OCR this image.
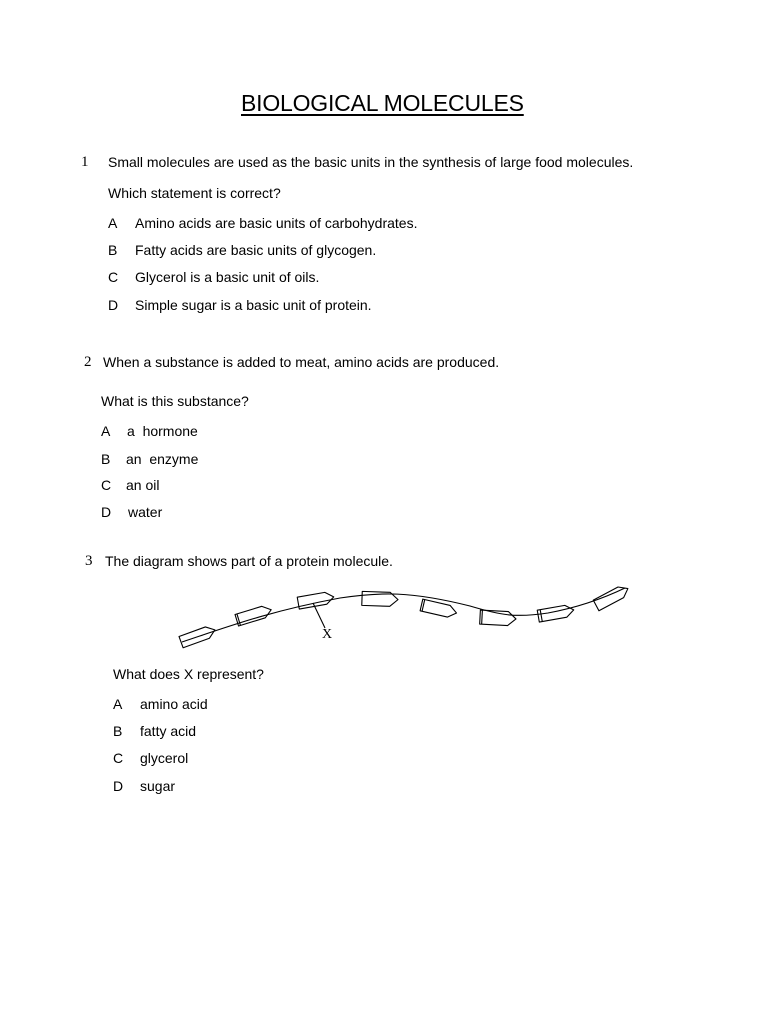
BIOLOGICAL MOLECULES
1 Small molecules are used as the basic units in the synthesis of large food molecules.
Which statement is correct?
A Amino acids are basic units of carbohydrates.
B Fatty acids are basic units of glycogen.
C Glycerol is a basic unit of oils.
D Simple sugar is a basic unit of protein.
2 When a substance is added to meat, amino acids are produced.
What is this substance?
A a  hormone
B an  enzyme
C an oil
D water
3 The diagram shows part of a protein molecule.
X
What does X represent?
A amino acid
B fatty acid
C glycerol
D sugar
